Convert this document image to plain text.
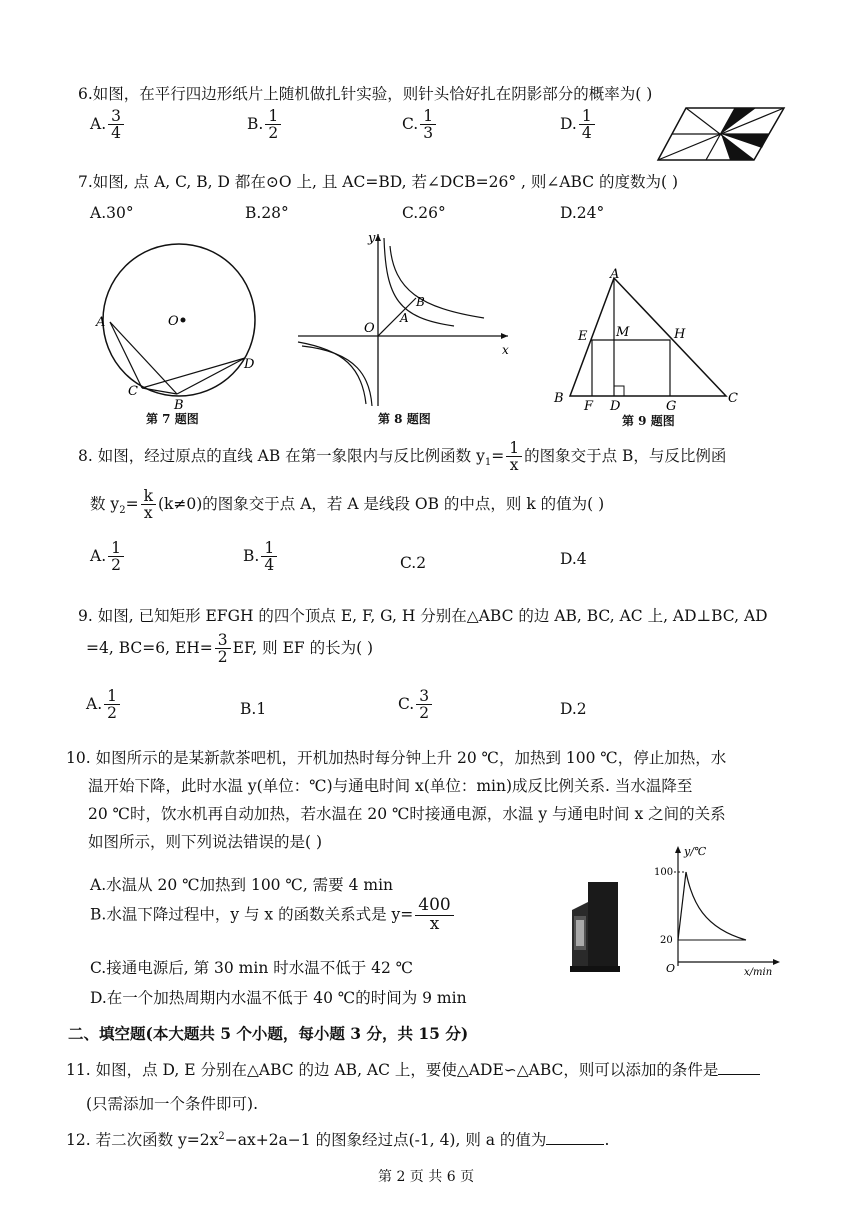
6.如图，在平行四边形纸片上随机做扎针实验，则针头恰好扎在阴影部分的概率为( )
A. $\frac{3}{4}$	B. $\frac{1}{2}$	C. $\frac{1}{3}$	D. $\frac{1}{4}$
7.如图, 点 A, C, B, D 都在⊙O 上, 且 AC=BD, 若∠DCB=26° , 则∠ABC 的度数为( )
A.30°	B.28°	C.26°	D.24°
A	O
C
B
D
第 7 题图
y
x
O
A
B
第 8 题图
A
E M	H
B
F D	G
C
第 9 题图
8. 如图，经过原点的直线 AB 在第一象限内与反比例函数 $y_1= \frac{1}{x}$ 的图象交于点 B，与反比例函
数 $y_2= \frac{k}{x} (k\ne 0)$的图象交于点 A，若 A 是线段 OB 的中点，则 k 的值为( )
A. $\frac{1}{2}$	B. $\frac{1}{4}$	C.2	D.4
9. 如图, 已知矩形 EFGH 的四个顶点 E, F, G, H 分别在△ABC 的边 AB, BC, AC 上, AD⊥BC, AD
=4, BC=6, $EH= \frac{3}{2}$ EF, 则 EF 的长为( )
A. $\frac{1}{2}$	B.1	C. $\frac{3}{2}$	D.2
10. 如图所示的是某新款茶吧机，开机加热时每分钟上升 20 ℃，加热到 100 ℃，停止加热，水
温开始下降，此时水温 y(单位：℃)与通电时间 x(单位：min)成反比例关系. 当水温降至
20 ℃时，饮水机再自动加热，若水温在 20 ℃时接通电源，水温 y 与通电时间 x 之间的关系
如图所示，则下列说法错误的是( )
A.水温从 20 ℃加热到 100 ℃, 需要 4 min
B.水温下降过程中，y 与 x 的函数关系式是 $y= \frac{400}{x}$
C.接通电源后, 第 30 min 时水温不低于 42 ℃
D.在一个加热周期内水温不低于 40 ℃的时间为 9 min
y/℃
100
20
O	x/min
二、填空题(本大题共 5 个小题，每小题 3 分，共 15 分)
11. 如图，点 D, E 分别在△ABC 的边 AB, AC 上，要使△ADE∽△ABC，则可以添加的条件是
(只需添加一个条件即可).
12. 若二次函数 $y=2x^2-ax+2a-1$ 的图象经过点(-1, 4), 则 a 的值为	.
第 2 页 共 6 页
